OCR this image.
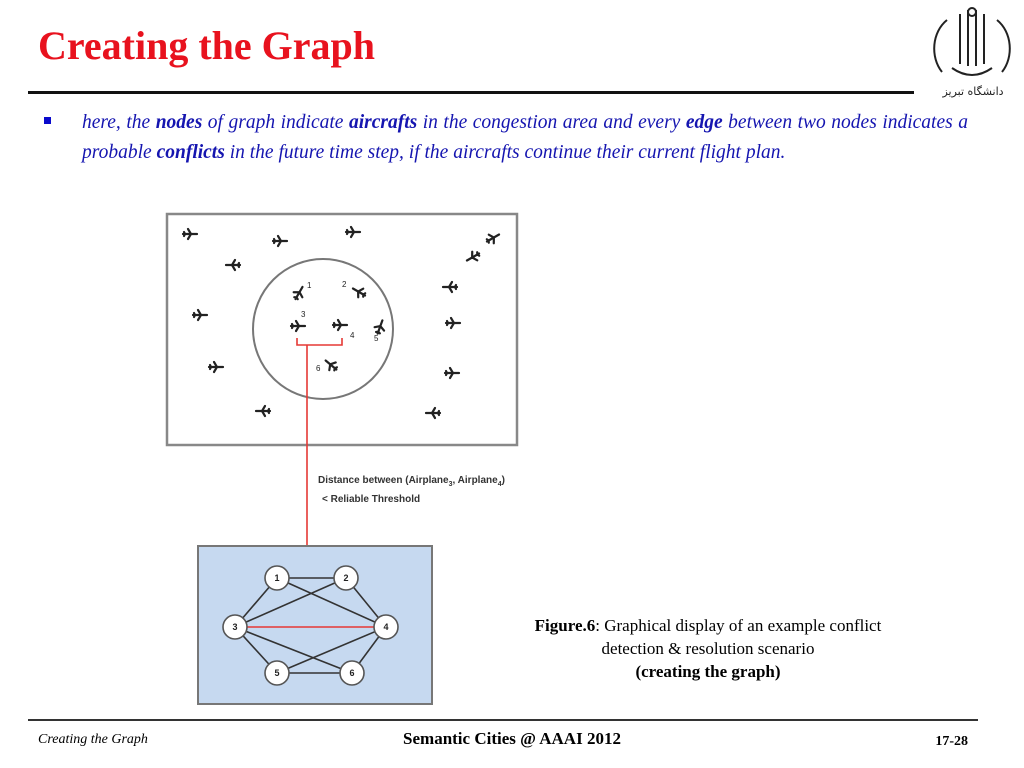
Creating the Graph
دانشگاه تبریز
here, the nodes of graph indicate aircrafts in the congestion area and every edge between two nodes indicates a probable conflicts in the future time step, if the aircrafts continue their current flight plan.
1	2
3
4 5
6
Distance between (Airplane$_3$, Airplane$_4$)
< Reliable Threshold
1	2
3	4
5	6
Figure.6: Graphical display of an example conflict detection & resolution scenario
(creating the graph)
Creating the Graph	Semantic Cities @ AAAI 2012	17-28
